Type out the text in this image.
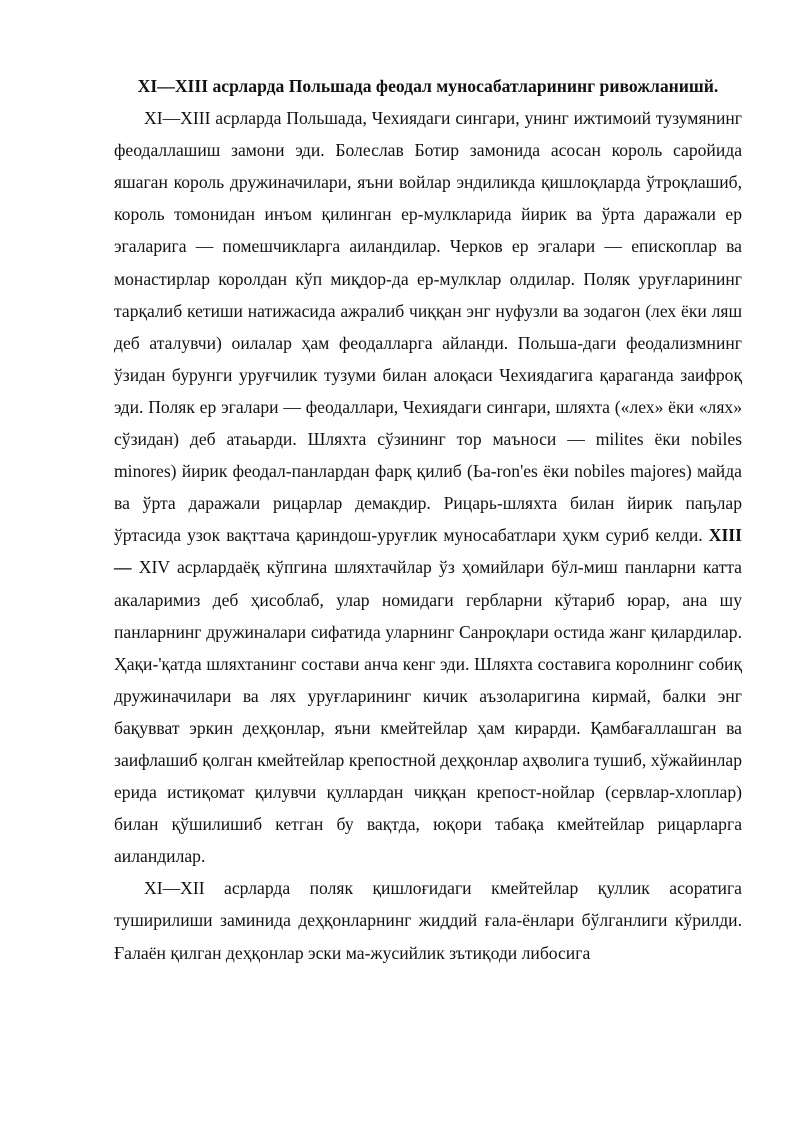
XI—XIII асрларда Польшада феодал муносабатларининг ривожланишй.

XI—XIII асрларда Польшада, Чехиядаги сингари, унинг ижтимоий тузумянинг феодаллашиш замони эди. Болеслав Ботир замонида асосан король саройида яшаган король дружиначилари, яъни войлар эндиликда қишлоқларда ўтроқлашиб, король томонидан инъом қилинган ер-мулкларида йирик ва ўрта даражали ер эгаларига — помешчикларга аиландилар. Черков ер эгалари — епископлар ва монастирлар королдан кўп миқдор-да ер-мулклар олдилар. Поляк уруғларининг тарқалиб кетиши натижасида ажралиб чиққан энг нуфузли ва зодагон (лех ёки ляш деб аталувчи) оилалар ҳам феодалларга айланди. Польша-даги феодализмнинг ўзидан бурунги уруғчилик тузуми билан алоқаси Чехиядагига қараганда заифроқ эди. Поляк ер эгалари — феодаллари, Чехиядаги сингари, шляхта («лех» ёки «лях» сўзидан) деб атаьарди. Шляхта сўзининг тор маъноси — milites ёки nobiles minores) йирик феодал-панлардан фарқ қилиб (Ьa-ron'es ёки nobiles majores) майда ва ўрта даражали рицарлар демакдир. Рицарь-шляхта билан йирик паҧлар ўртасида узок вақттача қариндош-уруғлик муносабатлари ҳукм суриб келди. XIII— XIV асрлардаёқ кўпгина шляхтачйлар ўз ҳомийлари бўл-миш панларни катта акаларимиз деб ҳисоблаб, улар номидаги гербларни кўтариб юрар, ана шу панларнинг дружиналари сифатида уларнинг Санроқлари остида жанг қилардилар. Ҳақи-'қатда шляхтанинг состави анча кенг эди. Шляхта составига королнинг собиқ дружиначилари ва лях уруғларининг кичик аъзоларигина кирмай, балки энг бақувват эркин деҳқонлар, яъни кмейтейлар ҳам кирарди. Қамбағаллашган ва заифлашиб қолган кмейтейлар крепостной деҳқонлар аҳволига тушиб, хўжайинлар ерида истиқомат қилувчи қуллардан чиққан крепост-нойлар (сервлар-хлоплар) билан қўшилишиб кетган бу вақтда, юқори табақа кмейтейлар рицарларга аиландилар.

XI—XII асрларда поляк қишлоғидаги кмейтейлар қуллик асоратига туширилиши заминида деҳқонларнинг жиддий ғала-ёнлари бўлганлиги кўрилди. Ғалаён қилган деҳқонлар эски ма-жусийлик зътиқоди либосига
